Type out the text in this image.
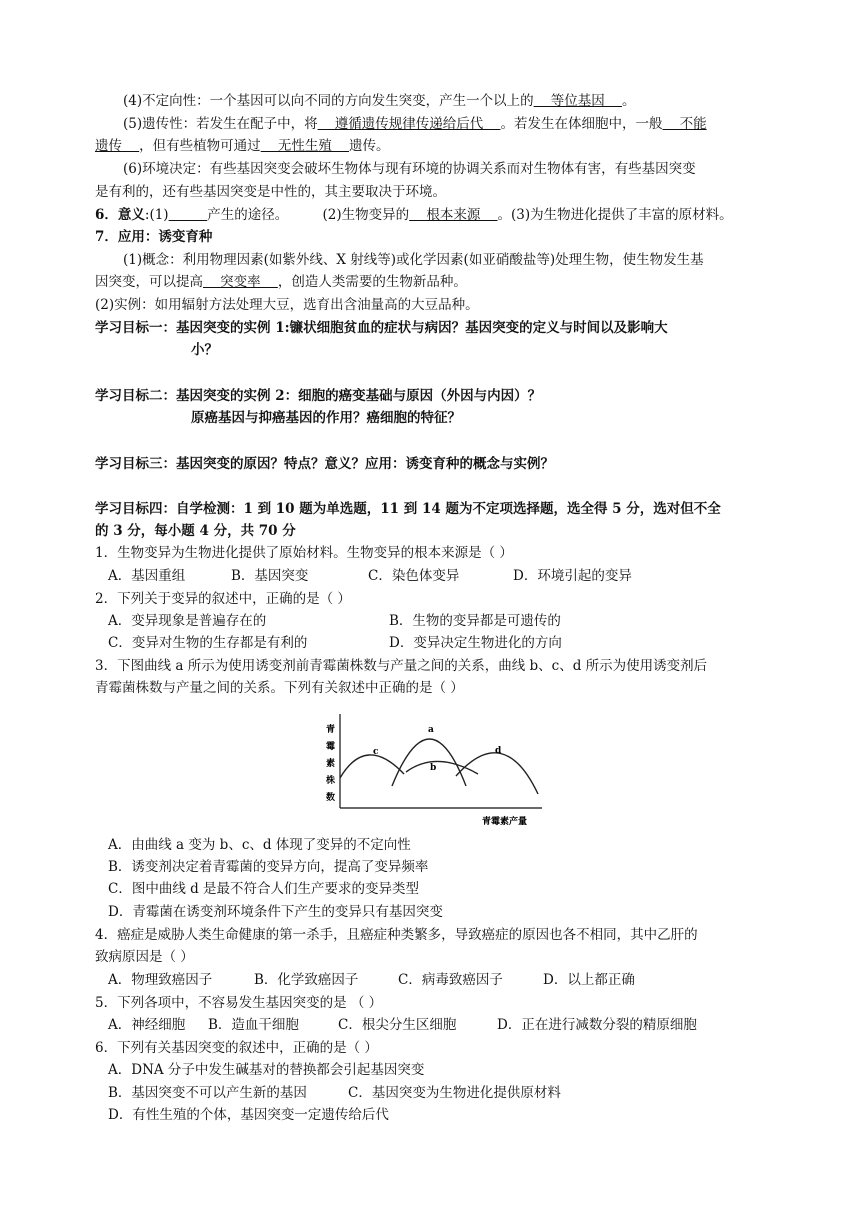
(4)不定向性：一个基因可以向不同的方向发生突变，产生一个以上的    等位基因    。
(5)遗传性：若发生在配子中，将    遵循遗传规律传递给后代    。若发生在体细胞中，一般    不能
遗传    ，但有些植物可通过    无性生殖    遗传。
(6)环境决定：有些基因突变会破坏生物体与现有环境的协调关系而对生物体有害，有些基因突变
是有利的，还有些基因突变是中性的，其主要取决于环境。
6．意义:(1)	产生的途径。        (2)生物变异的    根本来源    。(3)为生物进化提供了丰富的原材料。
7．应用：诱变育种
(1)概念：利用物理因素(如紫外线、X 射线等)或化学因素(如亚硝酸盐等)处理生物，使生物发生基
因突变，可以提高    突变率    ，创造人类需要的生物新品种。
(2)实例：如用辐射方法处理大豆，选育出含油量高的大豆品种。
学习目标一：基因突变的实例 1:镰状细胞贫血的症状与病因？基因突变的定义与时间以及影响大
小？
学习目标二：基因突变的实例 2：细胞的癌变基础与原因（外因与内因）？
原癌基因与抑癌基因的作用？癌细胞的特征？
学习目标三：基因突变的原因？特点？意义？应用：诱变育种的概念与实例？
学习目标四：自学检测：1 到 10 题为单选题，11 到 14 题为不定项选择题，选全得 5 分，选对但不全
的 3 分，每小题 4 分，共 70 分
1．生物变异为生物进化提供了原始材料。生物变异的根本来源是（ ）
A．基因重组	B．基因突变	C．染色体变异	D．环境引起的变异
2．下列关于变异的叙述中，正确的是（ ）
A．变异现象是普遍存在的	B．生物的变异都是可遗传的
C．变异对生物的生存都是有利的	D．变异决定生物进化的方向
3．下图曲线 a 所示为使用诱变剂前青霉菌株数与产量之间的关系，曲线 b、c、d 所示为使用诱变剂后
青霉菌株数与产量之间的关系。下列有关叙述中正确的是（ ）
青
霉
素
株
数
a
b
c	d
青霉素产量
A．由曲线 a 变为 b、c、d 体现了变异的不定向性
B．诱变剂决定着青霉菌的变异方向，提高了变异频率
C．图中曲线 d 是最不符合人们生产要求的变异类型
D．青霉菌在诱变剂环境条件下产生的变异只有基因突变
4．癌症是威胁人类生命健康的第一杀手，且癌症种类繁多，导致癌症的原因也各不相同，其中乙肝的
致病原因是（ ）
A．物理致癌因子	B．化学致癌因子	C．病毒致癌因子	D．以上都正确
5．下列各项中，不容易发生基因突变的是 （ ）
A．神经细胞 B．造血干细胞	C．根尖分生区细胞	D．正在进行减数分裂的精原细胞
6．下列有关基因突变的叙述中，正确的是（ ）
A．DNA 分子中发生碱基对的替换都会引起基因突变
B．基因突变不可以产生新的基因	C．基因突变为生物进化提供原材料
D．有性生殖的个体，基因突变一定遗传给后代
